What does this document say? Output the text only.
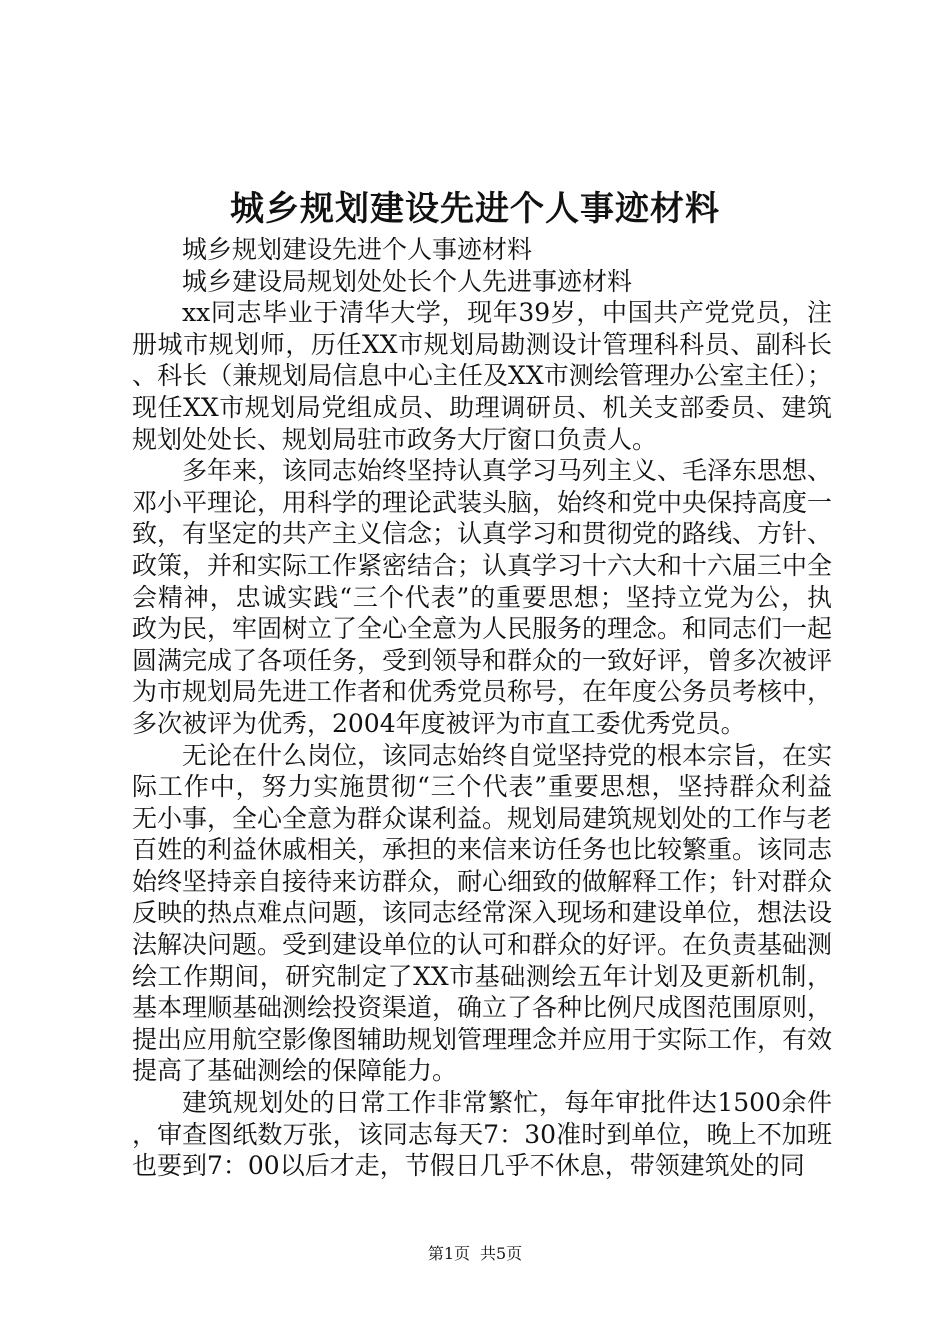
城乡规划建设先进个人事迹材料

城乡规划建设先进个人事迹材料

城乡建设局规划处处长个人先进事迹材料

xx同志毕业于清华大学，现年39岁，中国共产党党员，注册城市规划师，历任XX市规划局勘测设计管理科科员、副科长、科长（兼规划局信息中心主任及XX市测绘管理办公室主任）；现任XX市规划局党组成员、助理调研员、机关支部委员、建筑规划处处长、规划局驻市政务大厅窗口负责人。

多年来，该同志始终坚持认真学习马列主义、毛泽东思想、邓小平理论，用科学的理论武装头脑，始终和党中央保持高度一致，有坚定的共产主义信念；认真学习和贯彻党的路线、方针、政策，并和实际工作紧密结合；认真学习十六大和十六届三中全会精神，忠诚实践“三个代表”的重要思想；坚持立党为公，执政为民，牢固树立了全心全意为人民服务的理念。和同志们一起圆满完成了各项任务，受到领导和群众的一致好评，曾多次被评为市规划局先进工作者和优秀党员称号，在年度公务员考核中，多次被评为优秀，2004年度被评为市直工委优秀党员。

无论在什么岗位，该同志始终自觉坚持党的根本宗旨，在实际工作中，努力实施贯彻“三个代表”重要思想，坚持群众利益无小事，全心全意为群众谋利益。规划局建筑规划处的工作与老百姓的利益休戚相关，承担的来信来访任务也比较繁重。该同志始终坚持亲自接待来访群众，耐心细致的做解释工作；针对群众反映的热点难点问题，该同志经常深入现场和建设单位，想法设法解决问题。受到建设单位的认可和群众的好评。在负责基础测绘工作期间，研究制定了XX市基础测绘五年计划及更新机制，基本理顺基础测绘投资渠道，确立了各种比例尺成图范围原则，提出应用航空影像图辅助规划管理理念并应用于实际工作，有效提高了基础测绘的保障能力。

建筑规划处的日常工作非常繁忙，每年审批件达1500余件，审查图纸数万张，该同志每天7：30准时到单位，晚上不加班也要到7：00以后才走，节假日几乎不休息，带领建筑处的同

第1页 共5页
